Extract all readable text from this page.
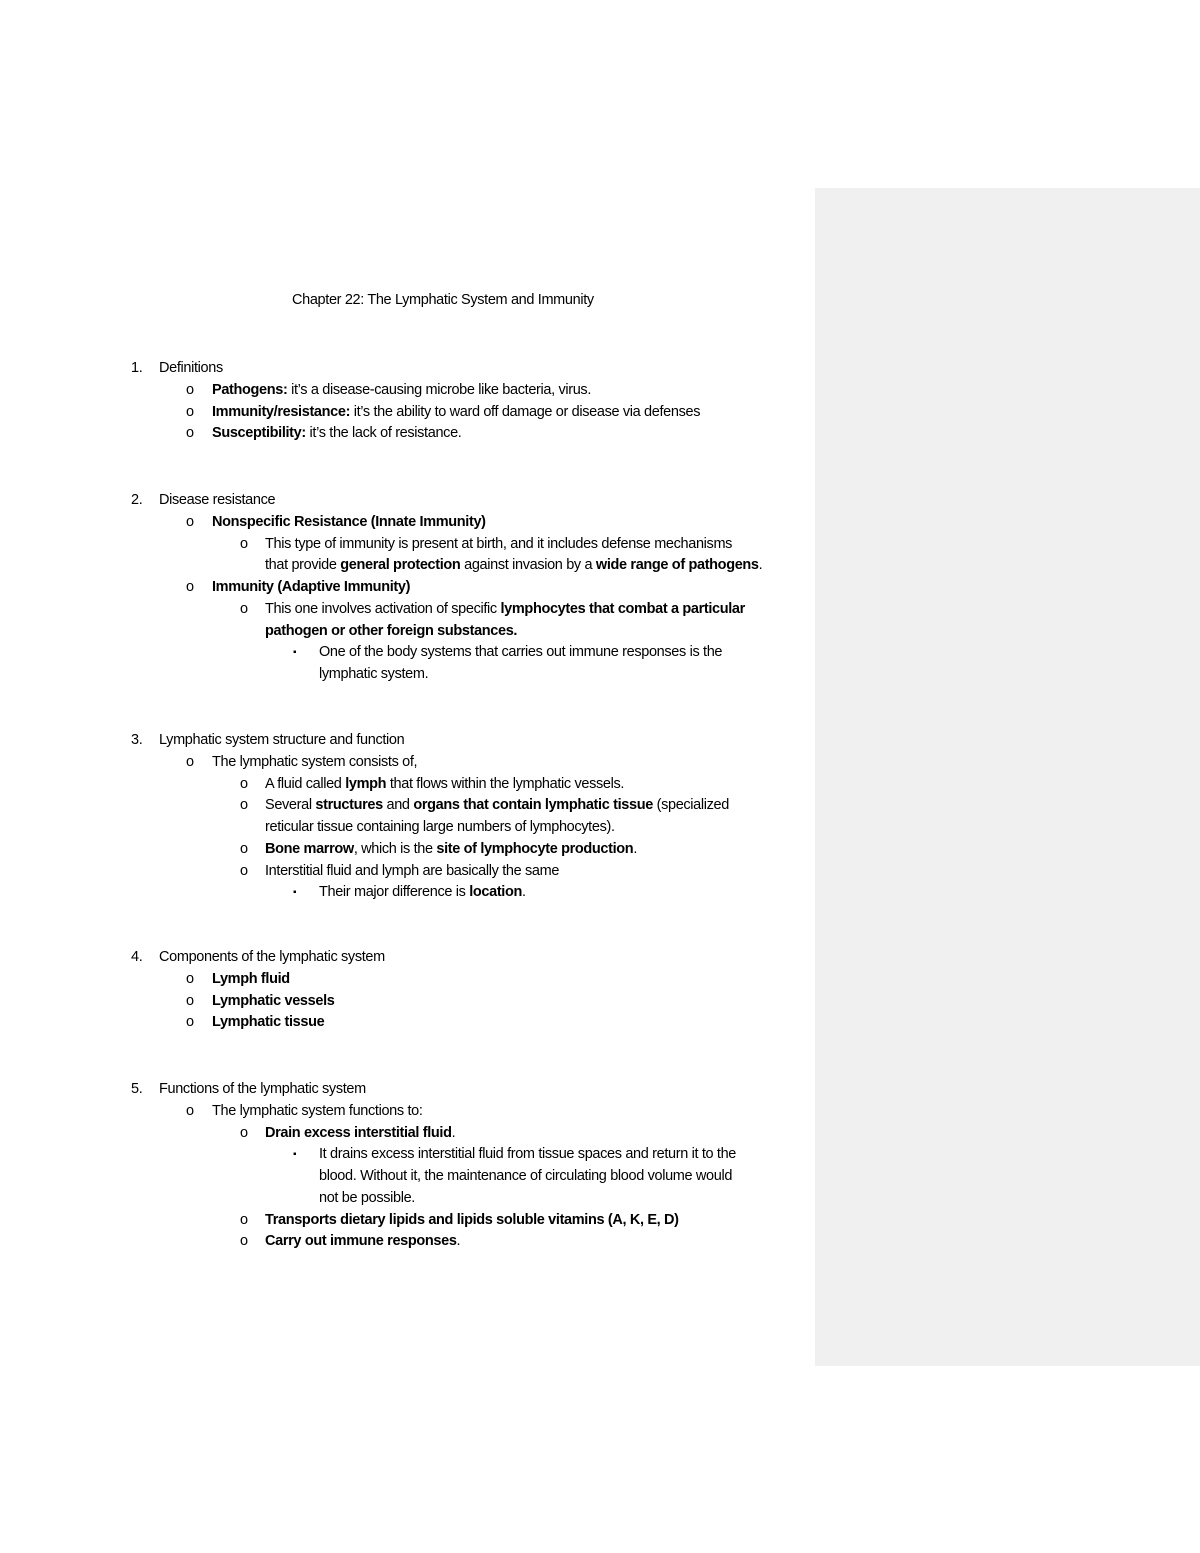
Chapter 22: The Lymphatic System and Immunity
1. Definitions
Pathogens: it’s a disease-causing microbe like bacteria, virus.
o
Immunity/resistance: it’s the ability to ward off damage or disease via defenses
o
Susceptibility: it’s the lack of resistance.
o
2. Disease resistance
Nonspecific Resistance (Innate Immunity)
o
This type of immunity is present at birth, and it includes defense mechanisms
o
that provide general protection against invasion by a wide range of pathogens.
Immunity (Adaptive Immunity)
o
This one involves activation of specific lymphocytes that combat a particular
o
pathogen or other foreign substances.
One of the body systems that carries out immune responses is the
▪
lymphatic system.
3. Lymphatic system structure and function
The lymphatic system consists of,
o
A fluid called lymph that flows within the lymphatic vessels.
o
Several structures and organs that contain lymphatic tissue (specialized
o
reticular tissue containing large numbers of lymphocytes).
Bone marrow, which is the site of lymphocyte production.
o
Interstitial fluid and lymph are basically the same
o
Their major difference is location.
▪
4. Components of the lymphatic system
Lymph fluid
o
Lymphatic vessels
o
Lymphatic tissue
o
5. Functions of the lymphatic system
The lymphatic system functions to:
o
Drain excess interstitial fluid.
o
It drains excess interstitial fluid from tissue spaces and return it to the
▪
blood. Without it, the maintenance of circulating blood volume would
not be possible.
Transports dietary lipids and lipids soluble vitamins (A, K, E, D)
o
Carry out immune responses.
o
